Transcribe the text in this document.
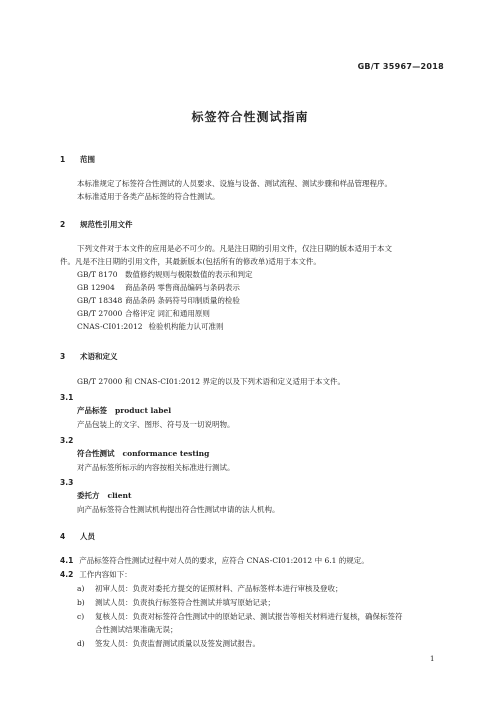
GB/T 35967—2018
标签符合性测试指南
1 范围
本标准规定了标签符合性测试的人员要求、设施与设备、测试流程、测试步骤和样品管理程序。
本标准适用于各类产品标签的符合性测试。
2 规范性引用文件
下列文件对于本文件的应用是必不可少的。凡是注日期的引用文件，仅注日期的版本适用于本文
件。凡是不注日期的引用文件，其最新版本(包括所有的修改单)适用于本文件。
GB/T 8170 数值修约规则与极限数值的表示和判定
GB 12904 商品条码 零售商品编码与条码表示
GB/T 18348 商品条码 条码符号印制质量的检验
GB/T 27000 合格评定 词汇和通用原则
CNAS-CI01:2012 检验机构能力认可准则
3 术语和定义
GB/T 27000 和 CNAS-CI01:2012 界定的以及下列术语和定义适用于本文件。
3.1
产品标签 product label
产品包装上的文字、图形、符号及一切说明物。
3.2
符合性测试 conformance testing
对产品标签所标示的内容按相关标准进行测试。
3.3
委托方 client
向产品标签符合性测试机构提出符合性测试申请的法人机构。
4 人员
4.1 产品标签符合性测试过程中对人员的要求，应符合 CNAS-CI01:2012 中 6.1 的规定。
4.2 工作内容如下：
a) 初审人员：负责对委托方提交的证照材料、产品标签样本进行审核及登收；
b) 测试人员：负责执行标签符合性测试并填写原始记录；
c) 复核人员：负责对标签符合性测试中的原始记录、测试报告等相关材料进行复核，确保标签符
合性测试结果准确无误；
d) 签发人员：负责监督测试质量以及签发测试报告。
1
